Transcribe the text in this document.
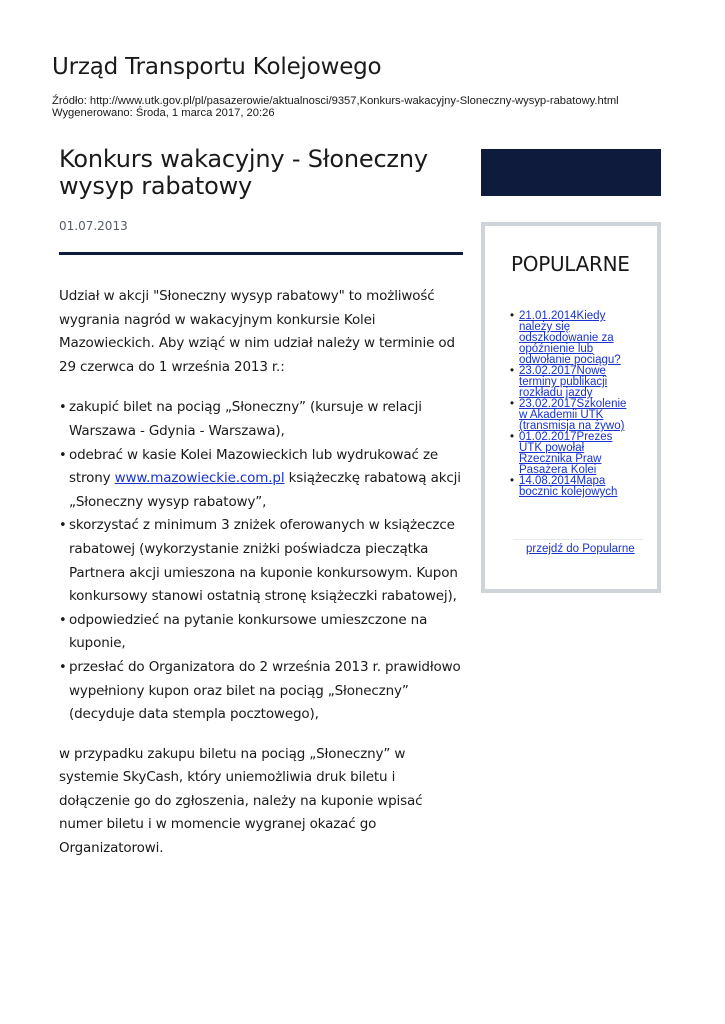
Urząd Transportu Kolejowego
Źródło: http://www.utk.gov.pl/pl/pasazerowie/aktualnosci/9357,Konkurs-wakacyjny-Sloneczny-wysyp-rabatowy.html
Wygenerowano: Środa, 1 marca 2017, 20:26
Konkurs wakacyjny - Słoneczny
wysyp rabatowy
01.07.2013

Udział w akcji "Słoneczny wysyp rabatowy" to możliwość wygrania nagród w wakacyjnym konkursie Kolei Mazowieckich. Aby wziąć w nim udział należy w terminie od 29 czerwca do 1 września 2013 r.:

• zakupić bilet na pociąg „Słoneczny” (kursuje w relacji Warszawa - Gdynia - Warszawa),
• odebrać w kasie Kolei Mazowieckich lub wydrukować ze strony www.mazowieckie.com.pl książeczkę rabatową akcji „Słoneczny wysyp rabatowy”,
• skorzystać z minimum 3 zniżek oferowanych w książeczce rabatowej (wykorzystanie zniżki poświadcza pieczątka Partnera akcji umieszona na kuponie konkursowym. Kupon konkursowy stanowi ostatnią stronę książeczki rabatowej),
• odpowiedzieć na pytanie konkursowe umieszczone na kuponie,
• przesłać do Organizatora do 2 września 2013 r. prawidłowo wypełniony kupon oraz bilet na pociąg „Słoneczny” (decyduje data stempla pocztowego),

w przypadku zakupu biletu na pociąg „Słoneczny” w systemie SkyCash, który uniemożliwia druk biletu i dołączenie go do zgłoszenia, należy na kuponie wpisać numer biletu i w momencie wygranej okazać go Organizatorowi.

POPULARNE
• 21.01.2014Kiedy należy się odszkodowanie za opóźnienie lub odwołanie pociągu?
• 23.02.2017Nowe terminy publikacji rozkładu jazdy
• 23.02.2017Szkolenie w Akademii UTK (transmisja na żywo)
• 01.02.2017Prezes UTK powołał Rzecznika Praw Pasażera Kolei
• 14.08.2014Mapa bocznic kolejowych
przejdź do Popularne
